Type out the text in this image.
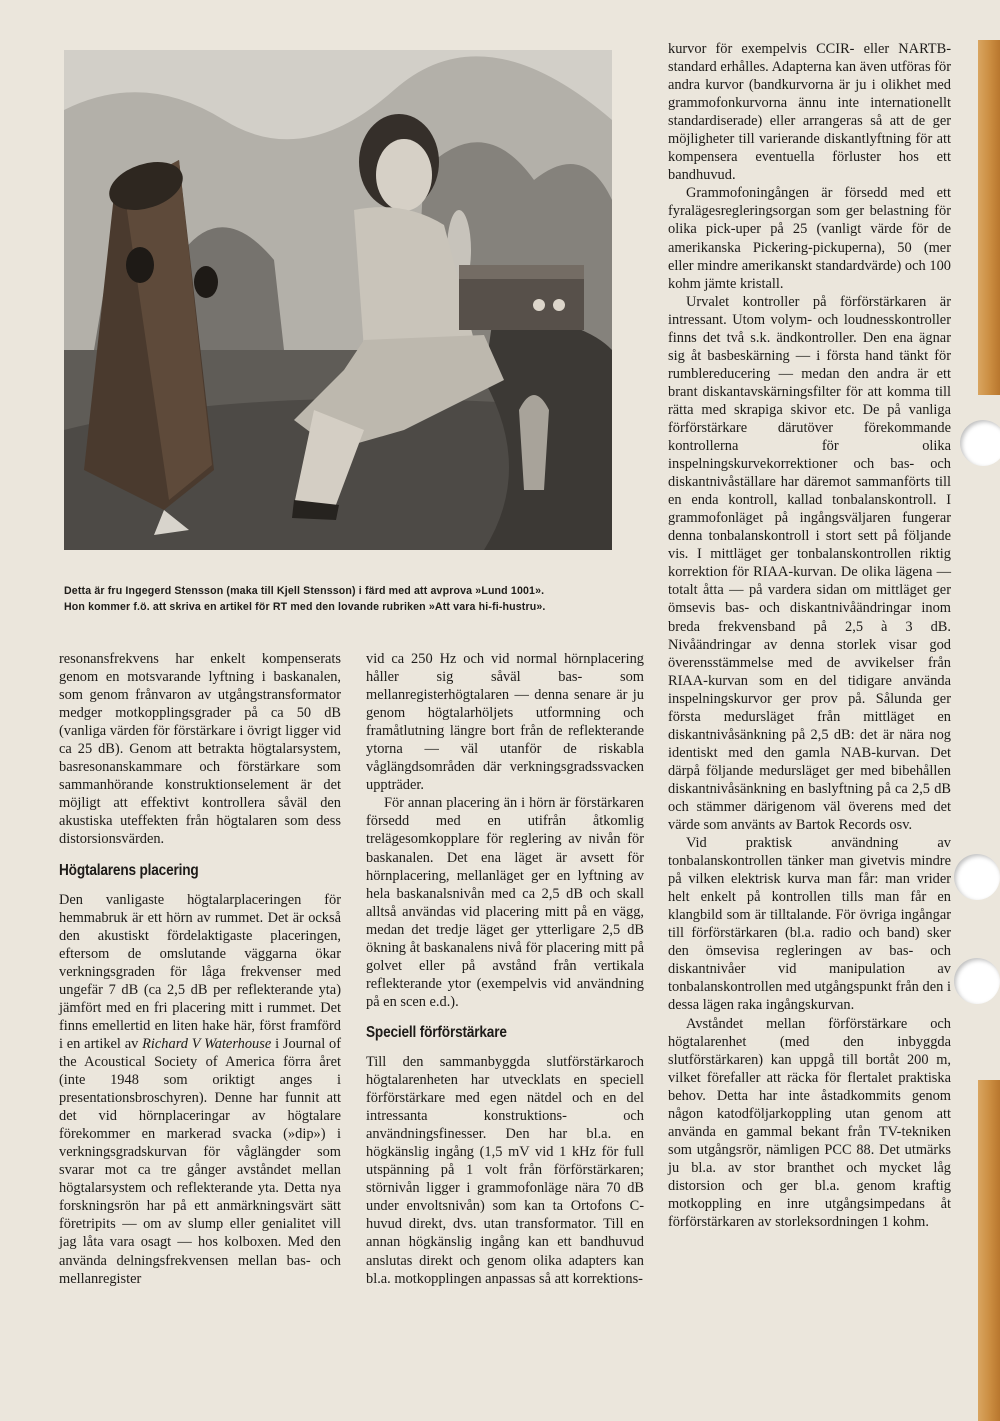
Detta är fru Ingegerd Stensson (maka till Kjell Stensson) i färd med att avprova »Lund 1001».

Hon kommer f.ö. att skriva en artikel för RT med den lovande rubriken »Att vara hi-fi-hustru».

resonansfrekvens har enkelt kompenserats genom en motsvarande lyftning i baskanalen, som genom frånvaron av utgångstransformator medger motkopplingsgrader på ca 50 dB (vanliga värden för förstärkare i övrigt ligger vid ca 25 dB). Genom att betrakta högtalarsystem, basresonanskammare och förstärkare som sammanhörande konstruktionselement är det möjligt att effektivt kontrollera såväl den akustiska uteffekten från högtalaren som dess distorsionsvärden.

Högtalarens placering

Den vanligaste högtalarplaceringen för hemmabruk är ett hörn av rummet. Det är också den akustiskt fördelaktigaste placeringen, eftersom de omslutande väggarna ökar verkningsgraden för låga frekvenser med ungefär 7 dB (ca 2,5 dB per reflekterande yta) jämfört med en fri placering mitt i rummet. Det finns emellertid en liten hake här, först framförd i en artikel av Richard V Waterhouse i Journal of the Acoustical Society of America förra året (inte 1948 som oriktigt anges i presentationsbroschyren). Denne har funnit att det vid hörnplaceringar av högtalare förekommer en markerad svacka (»dip») i verkningsgradskurvan för våglängder som svarar mot ca tre gånger avståndet mellan högtalarsystem och reflekterande yta. Detta nya forskningsrön har på ett anmärkningsvärt sätt företripits — om av slump eller genialitet vill jag låta vara osagt — hos kolboxen. Med den använda delningsfrekvensen mellan bas- och mellanregister

vid ca 250 Hz och vid normal hörnplacering håller sig såväl bas- som mellanregisterhögtalaren — denna senare är ju genom högtalarhöljets utformning och framåtlutning längre bort från de reflekterande ytorna — väl utanför de riskabla våglängdsområden där verkningsgradssvacken uppträder.

För annan placering än i hörn är förstärkaren försedd med en utifrån åtkomlig trelägesomkopplare för reglering av nivån för baskanalen. Det ena läget är avsett för hörnplacering, mellanläget ger en lyftning av hela baskanalsnivån med ca 2,5 dB och skall alltså användas vid placering mitt på en vägg, medan det tredje läget ger ytterligare 2,5 dB ökning åt baskanalens nivå för placering mitt på golvet eller på avstånd från vertikala reflekterande ytor (exempelvis vid användning på en scen e.d.).

Speciell förförstärkare

Till den sammanbyggda slutförstärkaroch högtalarenheten har utvecklats en speciell förförstärkare med egen nätdel och en del intressanta konstruktions- och användningsfinesser. Den har bl.a. en högkänslig ingång (1,5 mV vid 1 kHz för full utspänning på 1 volt från förförstärkaren; störnivån ligger i grammofonläge nära 70 dB under envoltsnivån) som kan ta Ortofons C-huvud direkt, dvs. utan transformator. Till en annan högkänslig ingång kan ett bandhuvud anslutas direkt och genom olika adapters kan bl.a. motkopplingen anpassas så att korrektions-

kurvor för exempelvis CCIR- eller NARTB-standard erhålles. Adapterna kan även utföras för andra kurvor (bandkurvorna är ju i olikhet med grammofonkurvorna ännu inte internationellt standardiserade) eller arrangeras så att de ger möjligheter till varierande diskantlyftning för att kompensera eventuella förluster hos ett bandhuvud.

Grammofoningången är försedd med ett fyralägesregleringsorgan som ger belastning för olika pick-uper på 25 (vanligt värde för de amerikanska Pickering-pickuperna), 50 (mer eller mindre amerikanskt standardvärde) och 100 kohm jämte kristall.

Urvalet kontroller på förförstärkaren är intressant. Utom volym- och loudnesskontroller finns det två s.k. ändkontroller. Den ena ägnar sig åt basbeskärning — i första hand tänkt för rumblereducering — medan den andra är ett brant diskantavskärningsfilter för att komma till rätta med skrapiga skivor etc. De på vanliga förförstärkare därutöver förekommande kontrollerna för olika inspelningskurvekorrektioner och bas- och diskantnivåställare har däremot sammanförts till en enda kontroll, kallad tonbalanskontroll. I grammofonläget på ingångsväljaren fungerar denna tonbalanskontroll i stort sett på följande vis. I mittläget ger tonbalanskontrollen riktig korrektion för RIAA-kurvan. De olika lägena — totalt åtta — på vardera sidan om mittläget ger ömsevis bas- och diskantnivåändringar inom breda frekvensband på 2,5 à 3 dB. Nivåändringar av denna storlek visar god överensstämmelse med de avvikelser från RIAA-kurvan som en del tidigare använda inspelningskurvor ger prov på. Sålunda ger första medursläget från mittläget en diskantnivåsänkning på 2,5 dB: det är nära nog identiskt med den gamla NAB-kurvan. Det därpå följande medursläget ger med bibehållen diskantnivåsänkning en baslyftning på ca 2,5 dB och stämmer därigenom väl överens med det värde som använts av Bartok Records osv.

Vid praktisk användning av tonbalanskontrollen tänker man givetvis mindre på vilken elektrisk kurva man får: man vrider helt enkelt på kontrollen tills man får en klangbild som är tilltalande. För övriga ingångar till förförstärkaren (bl.a. radio och band) sker den ömsevisa regleringen av bas- och diskantnivåer vid manipulation av tonbalanskontrollen med utgångspunkt från den i dessa lägen raka ingångskurvan.

Avståndet mellan förförstärkare och högtalarenhet (med den inbyggda slutförstärkaren) kan uppgå till bortåt 200 m, vilket förefaller att räcka för flertalet praktiska behov. Detta har inte åstadkommits genom någon katodföljarkoppling utan genom att använda en gammal bekant från TV-tekniken som utgångsrör, nämligen PCC 88. Det utmärks ju bl.a. av stor branthet och mycket låg distorsion och ger bl.a. genom kraftig motkoppling en inre utgångsimpedans åt förförstärkaren av storleksordningen 1 kohm.
